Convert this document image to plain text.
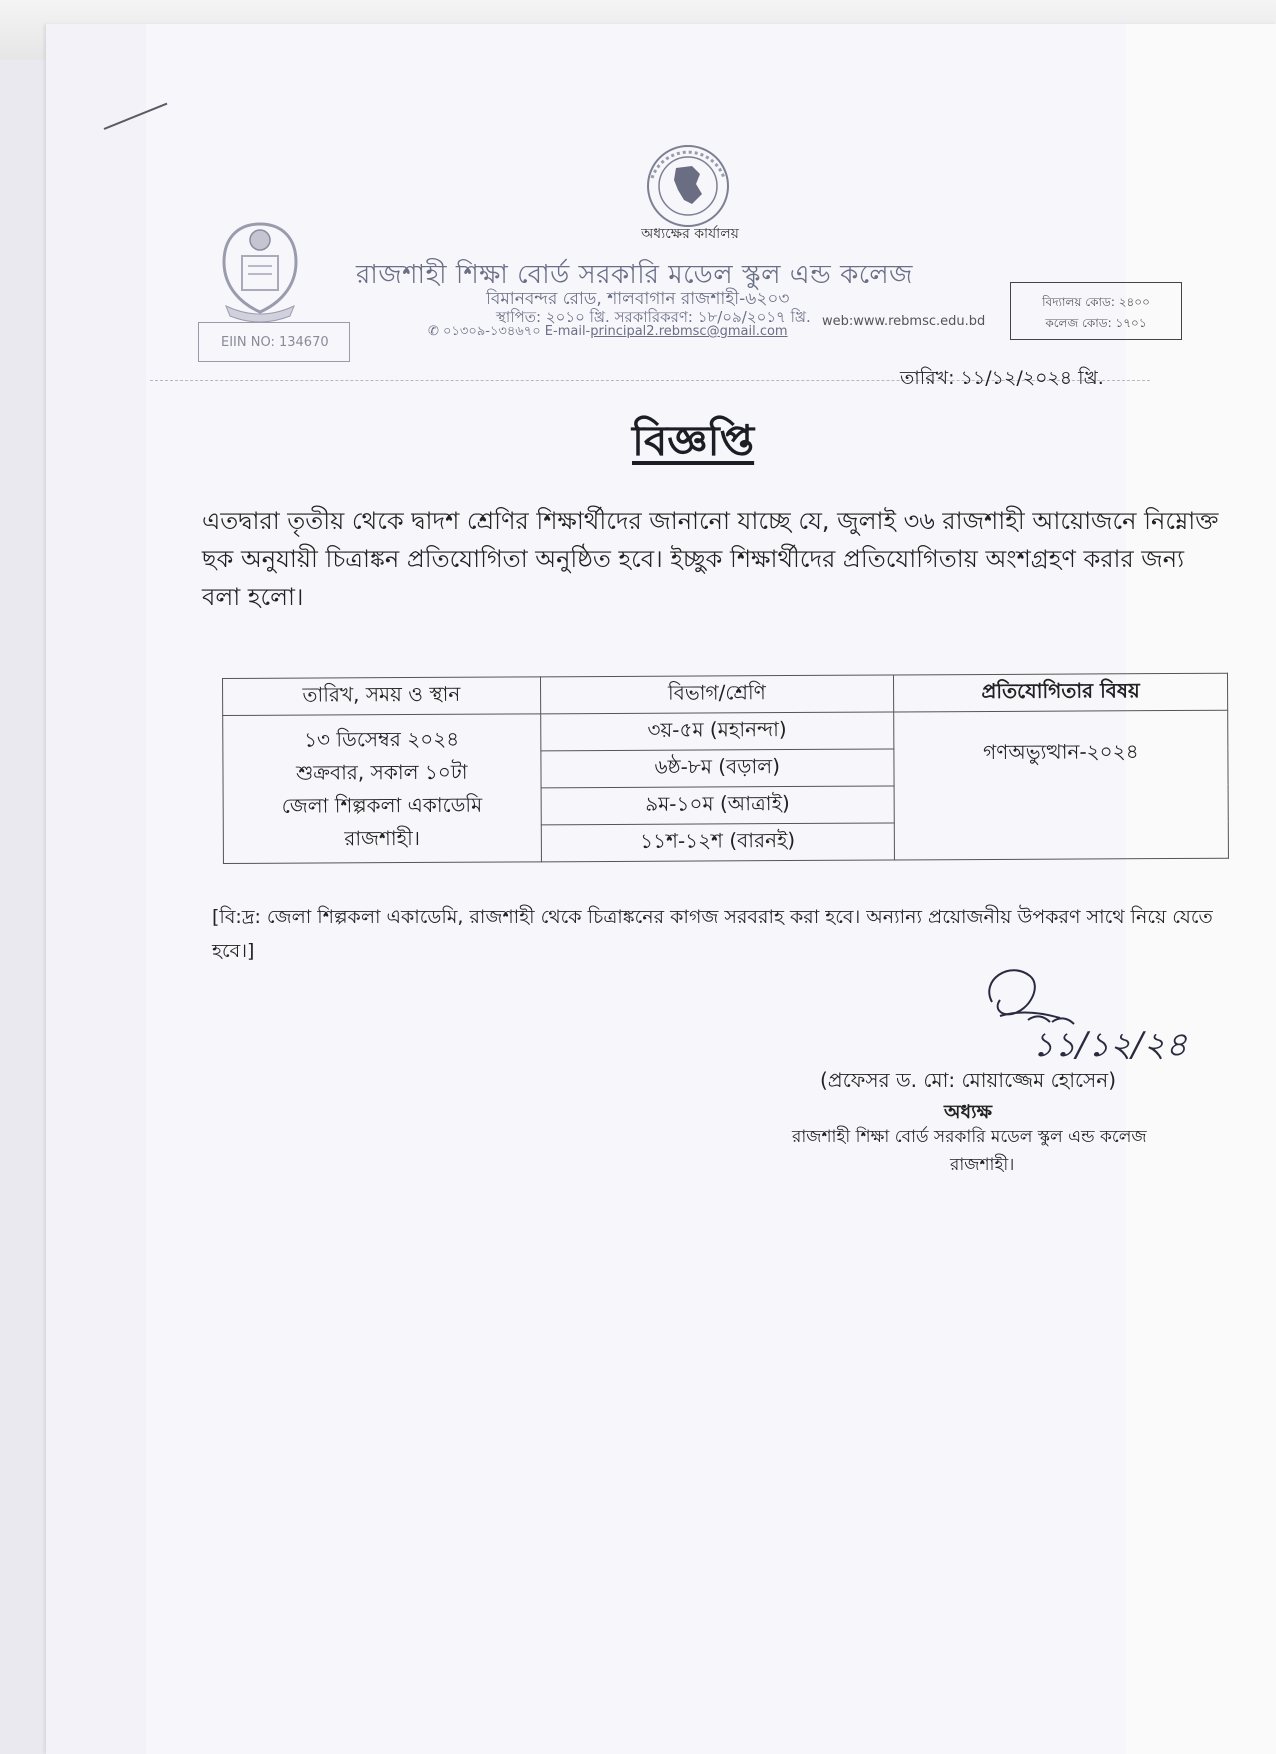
অধ্যক্ষের কার্যালয়
রাজশাহী শিক্ষা বোর্ড সরকারি মডেল স্কুল এন্ড কলেজ
বিমানবন্দর রোড, শালবাগান রাজশাহী-৬২০৩
স্থাপিত: ২০১০ খ্রি. সরকারিকরণ: ১৮/০৯/২০১৭ খ্রি.
✆ ০১৩০৯-১৩৪৬৭০ E-mail-principal2.rebmsc@gmail.com
web:www.rebmsc.edu.bd
EIIN NO: 134670
বিদ্যালয় কোড: ২৪০০
কলেজ কোড: ১৭০১
তারিখ: ১১/১২/২০২৪ খ্রি.
বিজ্ঞপ্তি
এতদ্বারা তৃতীয় থেকে দ্বাদশ শ্রেণির শিক্ষার্থীদের জানানো যাচ্ছে যে, জুলাই ৩৬ রাজশাহী আয়োজনে নিম্নোক্ত ছক অনুযায়ী চিত্রাঙ্কন প্রতিযোগিতা অনুষ্ঠিত হবে। ইচ্ছুক শিক্ষার্থীদের প্রতিযোগিতায় অংশগ্রহণ করার জন্য বলা হলো।
তারিখ, সময় ও স্থান	বিভাগ/শ্রেণি	প্রতিযোগিতার বিষয়

১৩ ডিসেম্বর ২০২৪
শুক্রবার, সকাল ১০টা
জেলা শিল্পকলা একাডেমি
রাজশাহী।	৩য়-৫ম (মহানন্দা)	গণঅভ্যুত্থান-২০২৪
	৬ষ্ঠ-৮ম (বড়াল)	
	৯ম-১০ম (আত্রাই)	
	১১শ-১২শ (বারনই)	
[বি:দ্র: জেলা শিল্পকলা একাডেমি, রাজশাহী থেকে চিত্রাঙ্কনের কাগজ সরবরাহ করা হবে। অন্যান্য প্রয়োজনীয় উপকরণ সাথে নিয়ে যেতে হবে।]
১১/১২/২৪
(প্রফেসর ড. মো: মোয়াজ্জেম হোসেন)
অধ্যক্ষ
রাজশাহী শিক্ষা বোর্ড সরকারি মডেল স্কুল এন্ড কলেজ
রাজশাহী।
